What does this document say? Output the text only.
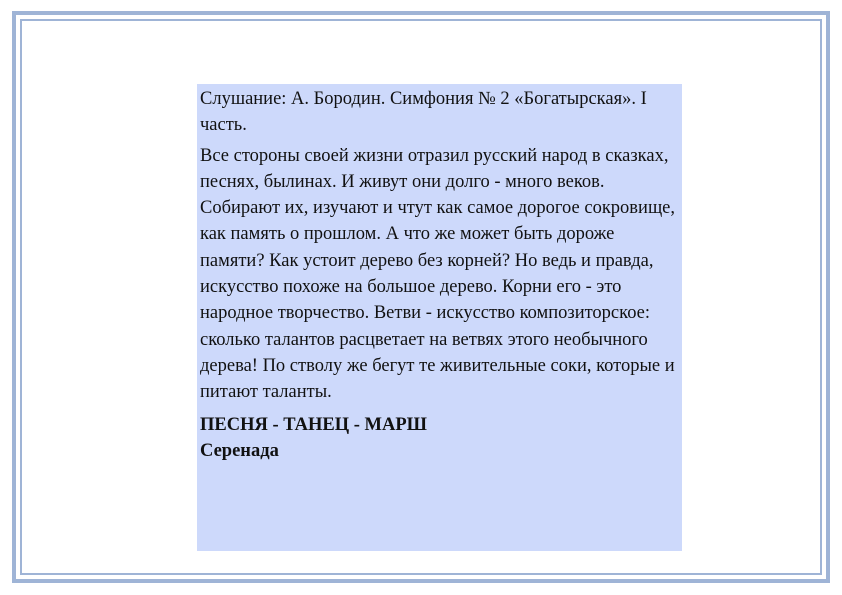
Слушание: А. Бородин. Симфония № 2 «Богатырская». I часть.

Все стороны своей жизни отразил русский народ в сказках, песнях, былинах. И живут они долго - много веков. Собирают их, изучают и чтут как самое дорогое сокровище, как память о прошлом. А что же может быть дороже памяти? Как устоит дерево без корней? Но ведь и правда, искусство похоже на большое дерево. Корни его - это народное творчество. Ветви - искусство композиторское: сколько талантов расцветает на ветвях этого необычного дерева! По стволу же бегут те живительные соки, которые и питают таланты.

ПЕСНЯ - ТАНЕЦ - МАРШ

Серенада
